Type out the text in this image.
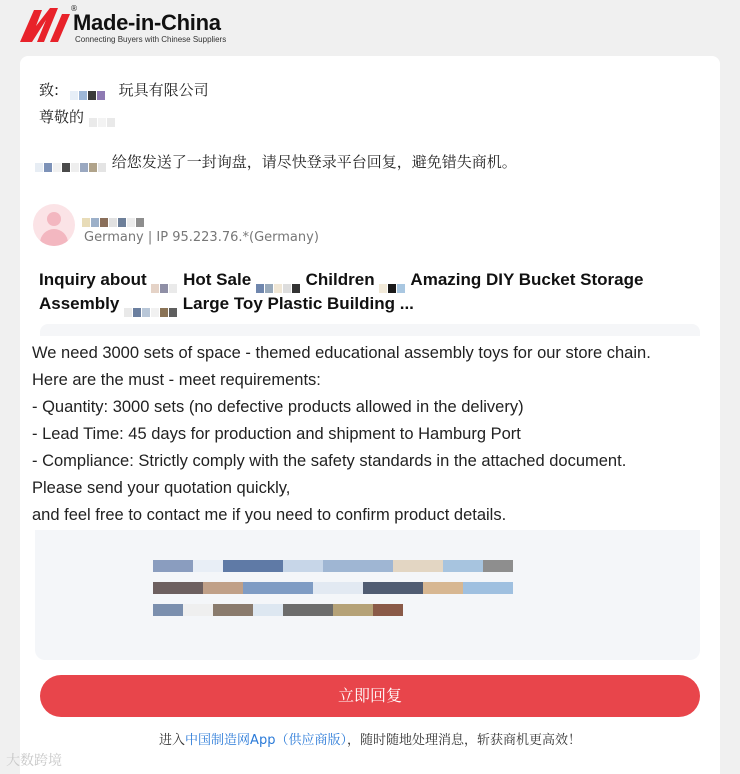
®
Made-in-China
Connecting Buyers with Chinese Suppliers
致:	玩具有限公司
尊敬的
给您发送了一封询盘，请尽快登录平台回复，避免错失商机。
Germany | IP 95.223.76.*(Germany)
Inquiry about Hot Sale	Children Amazing DIY Bucket Storage
Assembly	Large Toy Plastic Building ...
We need 3000 sets of space - themed educational assembly toys for our store chain.
Here are the must - meet requirements:
- Quantity: 3000 sets (no defective products allowed in the delivery)
- Lead Time: 45 days for production and shipment to Hamburg Port
- Compliance: Strictly comply with the safety standards in the attached document.
Please send your quotation quickly,
and feel free to contact me if you need to confirm product details.
立即回复
进入中国制造网App（供应商版），随时随地处理消息，斩获商机更高效！
大数跨境
